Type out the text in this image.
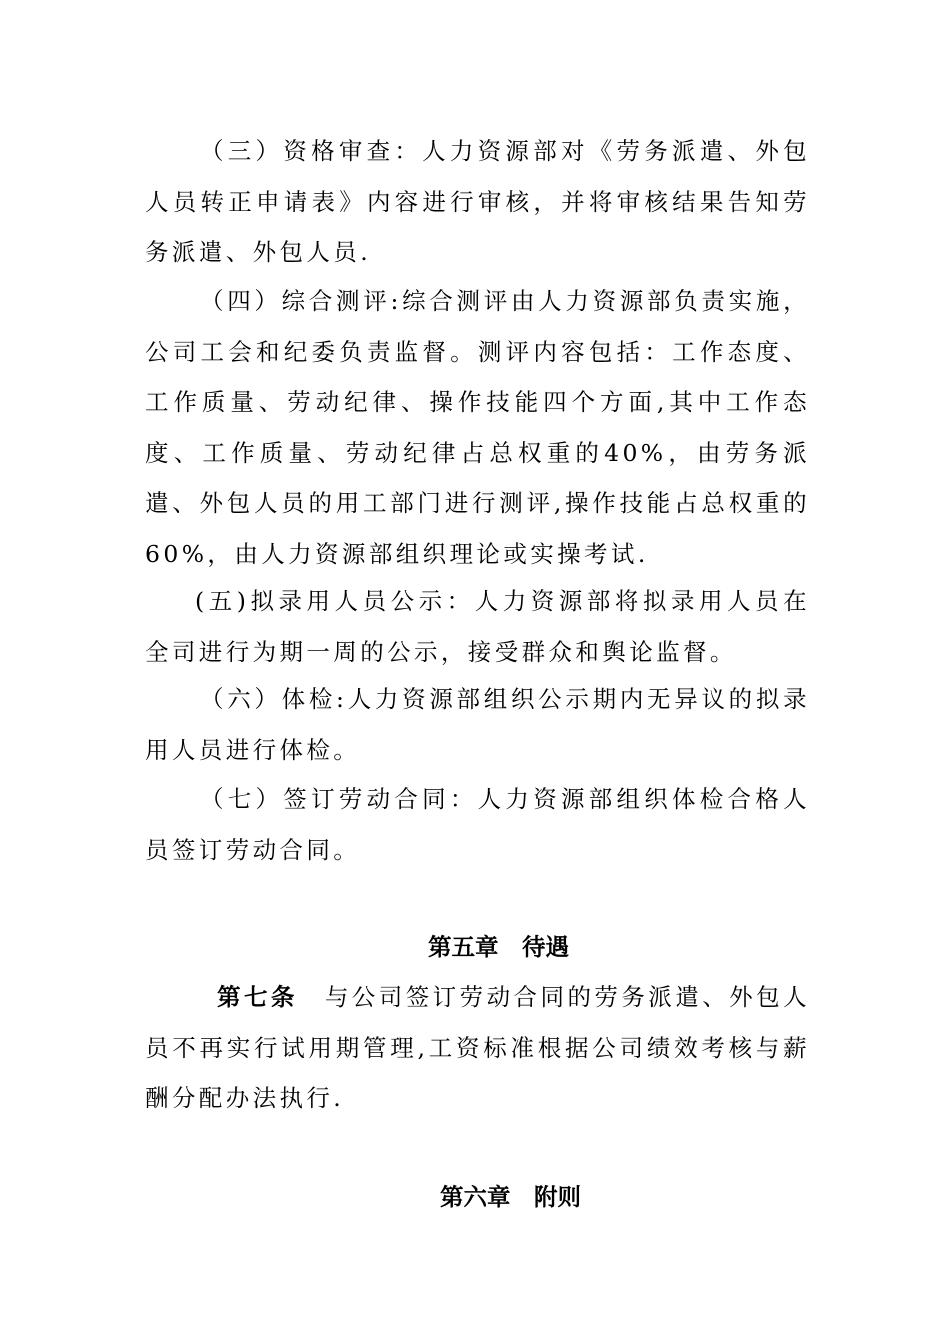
（三）资格审查：人力资源部对《劳务派遣、外包人员转正申请表》内容进行审核，并将审核结果告知劳务派遣、外包人员.

（四）综合测评:综合测评由人力资源部负责实施，公司工会和纪委负责监督。测评内容包括：工作态度、工作质量、劳动纪律、操作技能四个方面,其中工作态度、工作质量、劳动纪律占总权重的40%，由劳务派遣、外包人员的用工部门进行测评,操作技能占总权重的60%，由人力资源部组织理论或实操考试.

(五)拟录用人员公示：人力资源部将拟录用人员在全司进行为期一周的公示，接受群众和舆论监督。

（六）体检:人力资源部组织公示期内无异议的拟录用人员进行体检。

（七）签订劳动合同：人力资源部组织体检合格人员签订劳动合同。

第五章　待遇

第七条　与公司签订劳动合同的劳务派遣、外包人员不再实行试用期管理,工资标准根据公司绩效考核与薪酬分配办法执行.

第六章　附则
